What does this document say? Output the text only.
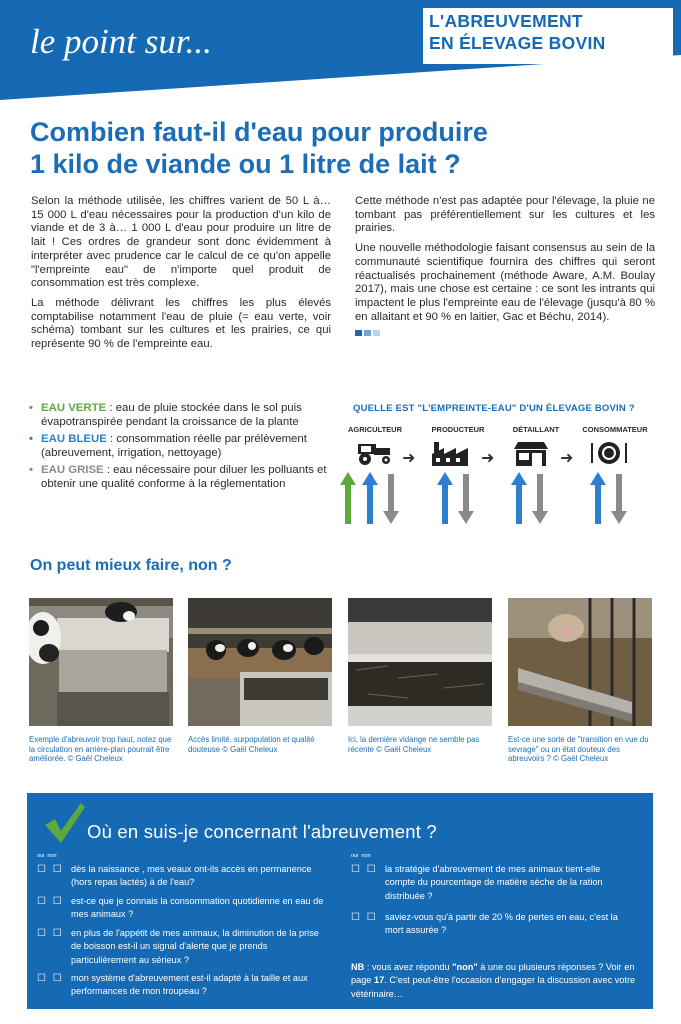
le point sur...
L'ABREUVEMENT
EN ÉLEVAGE BOVIN
Combien faut-il d'eau pour produire
1 kilo de viande ou 1 litre de lait ?

Selon la méthode utilisée, les chiffres varient de 50 L à… 15 000 L d'eau nécessaires pour la production d'un kilo de viande et de 3 à… 1 000 L d'eau pour produire un litre de lait ! Ces ordres de grandeur sont donc évidemment à interpréter avec prudence car le calcul de ce qu'on appelle "l'empreinte eau" de n'importe quel produit de consommation est très complexe.

La méthode délivrant les chiffres les plus élevés comptabilise notamment l'eau de pluie (= eau verte, voir schéma) tombant sur les cultures et les prairies, ce qui représente 90 % de l'empreinte eau.

Cette méthode n'est pas adaptée pour l'élevage, la pluie ne tombant pas préférentiellement sur les cultures et les prairies.

Une nouvelle méthodologie faisant consensus au sein de la communauté scientifique fournira des chiffres qui seront réactualisés prochainement (méthode Aware, A.M. Boulay 2017), mais une chose est certaine : ce sont les intrants qui impactent le plus l'empreinte eau de l'élevage (jusqu'à 80 % en allaitant et 90 % en laitier, Gac et Béchu, 2014).

• EAU VERTE : eau de pluie stockée dans le sol puis évapotranspirée pendant la croissance de la plante
• EAU BLEUE : consommation réelle par prélèvement (abreuvement, irrigation, nettoyage)
• EAU GRISE : eau nécessaire pour diluer les polluants et obtenir une qualité conforme à la réglementation
QUELLE EST "L'EMPREINTE-EAU" D'UN ÉLEVAGE BOVIN ?
AGRICULTEUR	PRODUCTEUR	DÉTAILLANT	CONSOMMATEUR
➜	➜	➜
On peut mieux faire, non ?
Exemple d'abreuvoir trop haut, notez que la circulation en arrière-plan pourrait être améliorée. © Gaël Cheleux
Accès limité, surpopulation et qualité douteuse © Gaël Cheleux
Ici, la dernière vidange ne semble pas récente © Gaël Cheleux
Est-ce une sorte de "transition en vue du sevrage" ou un état douteux des abreuvoirs ? © Gaël Cheleux
Où en suis-je concernant l'abreuvement ?
oui non	oui non
☐ ☐ dès la naissance , mes veaux ont-ils accès en permanence (hors repas lactés) à de l'eau?
☐ ☐ est-ce que je connais la consommation quotidienne en eau de mes animaux ?
☐ ☐ en plus de l'appétit de mes animaux, la diminution de la prise de boisson est-il un signal d'alerte que je prends particulièrement au sérieux ?
☐ ☐ mon système d'abreuvement est-il adapté à la taille et aux performances de mon troupeau ?
☐ ☐ la stratégie d'abreuvement de mes animaux tient-elle compte du pourcentage de matière sèche de la ration distribuée ?
☐ ☐ saviez-vous qu'à partir de 20 % de pertes en eau, c'est la mort assurée ?
NB : vous avez répondu "non" à une ou plusieurs réponses ? Voir en page 17. C'est peut-être l'occasion d'engager la discussion avec votre vétérinaire…
